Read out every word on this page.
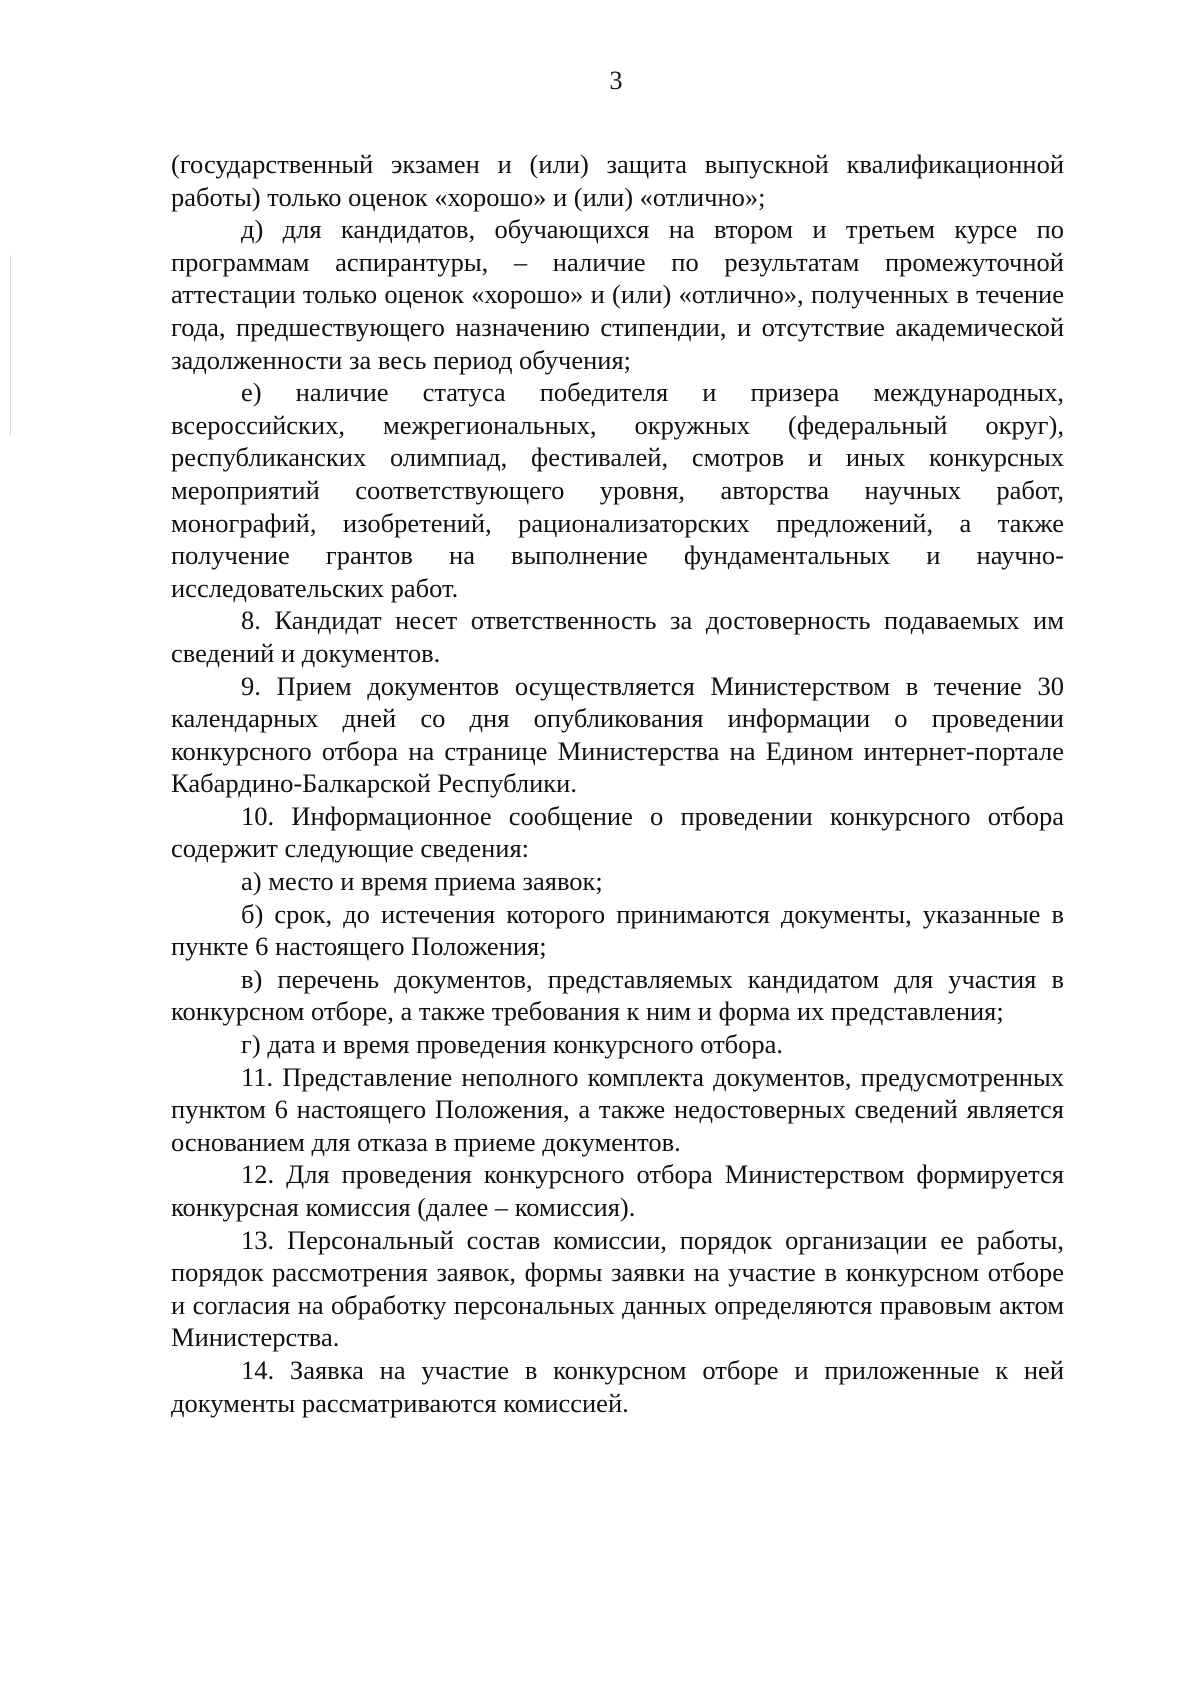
3

(государственный экзамен и (или) защита выпускной квалификационной работы) только оценок «хорошо» и (или) «отлично»;

д) для кандидатов, обучающихся на втором и третьем курсе по программам аспирантуры, – наличие по результатам промежуточной аттестации только оценок «хорошо» и (или) «отлично», полученных в течение года, предшествующего назначению стипендии, и отсутствие академической задолженности за весь период обучения;

е) наличие статуса победителя и призера международных, всероссийских, межрегиональных, окружных (федеральный округ), республиканских олимпиад, фестивалей, смотров и иных конкурсных мероприятий соответствующего уровня, авторства научных работ, монографий, изобретений, рационализаторских предложений, а также получение грантов на выполнение фундаментальных и научно-исследовательских работ.

8. Кандидат несет ответственность за достоверность подаваемых им сведений и документов.

9. Прием документов осуществляется Министерством в течение 30 календарных дней со дня опубликования информации о проведении конкурсного отбора на странице Министерства на Едином интернет-портале Кабардино-Балкарской Республики.

10. Информационное сообщение о проведении конкурсного отбора содержит следующие сведения:

а) место и время приема заявок;

б) срок, до истечения которого принимаются документы, указанные в пункте 6 настоящего Положения;

в) перечень документов, представляемых кандидатом для участия в конкурсном отборе, а также требования к ним и форма их представления;

г) дата и время проведения конкурсного отбора.

11. Представление неполного комплекта документов, предусмотренных пунктом 6 настоящего Положения, а также недостоверных сведений является основанием для отказа в приеме документов.

12. Для проведения конкурсного отбора Министерством формируется конкурсная комиссия (далее – комиссия).

13. Персональный состав комиссии, порядок организации ее работы, порядок рассмотрения заявок, формы заявки на участие в конкурсном отборе и согласия на обработку персональных данных определяются правовым актом Министерства.

14. Заявка на участие в конкурсном отборе и приложенные к ней документы рассматриваются комиссией.
